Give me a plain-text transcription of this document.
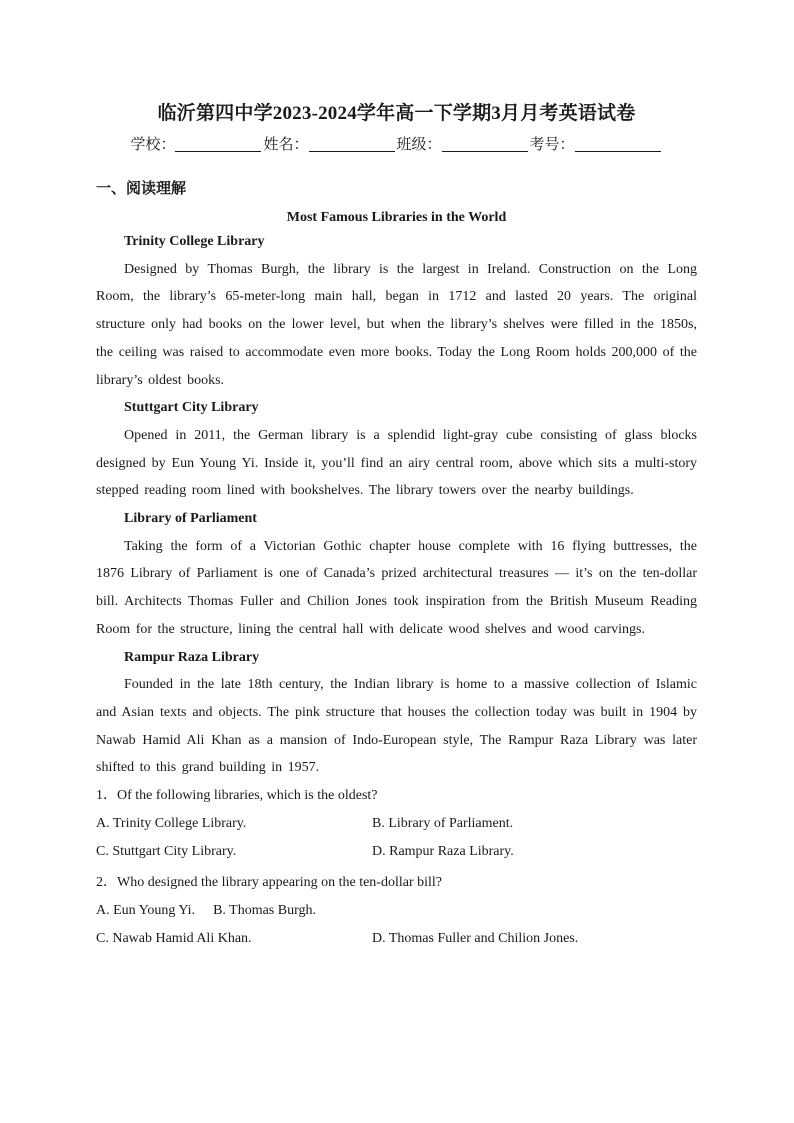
临沂第四中学2023-2024学年高一下学期3月月考英语试卷
学校：	姓名：	班级：	考号：
一、阅读理解
Most Famous Libraries in the World

Trinity College Library

Designed by Thomas Burgh, the library is the largest in Ireland. Construction on the Long Room, the library’s 65-meter-long main hall, began in 1712 and lasted 20 years. The original structure only had books on the lower level, but when the library’s shelves were filled in the 1850s, the ceiling was raised to accommodate even more books. Today the Long Room holds 200,000 of the library’s oldest books.

Stuttgart City Library

Opened in 2011, the German library is a splendid light-gray cube consisting of glass blocks designed by Eun Young Yi. Inside it, you’ll find an airy central room, above which sits a multi-story stepped reading room lined with bookshelves. The library towers over the nearby buildings.

Library of Parliament

Taking the form of a Victorian Gothic chapter house complete with 16 flying buttresses, the 1876 Library of Parliament is one of Canada’s prized architectural treasures — it’s on the ten-dollar bill. Architects Thomas Fuller and Chilion Jones took inspiration from the British Museum Reading Room for the structure, lining the central hall with delicate wood shelves and wood carvings.

Rampur Raza Library

Founded in the late 18th century, the Indian library is home to a massive collection of Islamic and Asian texts and objects. The pink structure that houses the collection today was built in 1904 by Nawab Hamid Ali Khan as a mansion of Indo-European style, The Rampur Raza Library was later shifted to this grand building in 1957.

1．Of the following libraries, which is the oldest?

A. Trinity College Library.	B. Library of Parliament.
C. Stuttgart City Library.	D. Rampur Raza Library.

2．Who designed the library appearing on the ten-dollar bill?

A. Eun Young Yi. B. Thomas Burgh.
C. Nawab Hamid Ali Khan.	D. Thomas Fuller and Chilion Jones.
